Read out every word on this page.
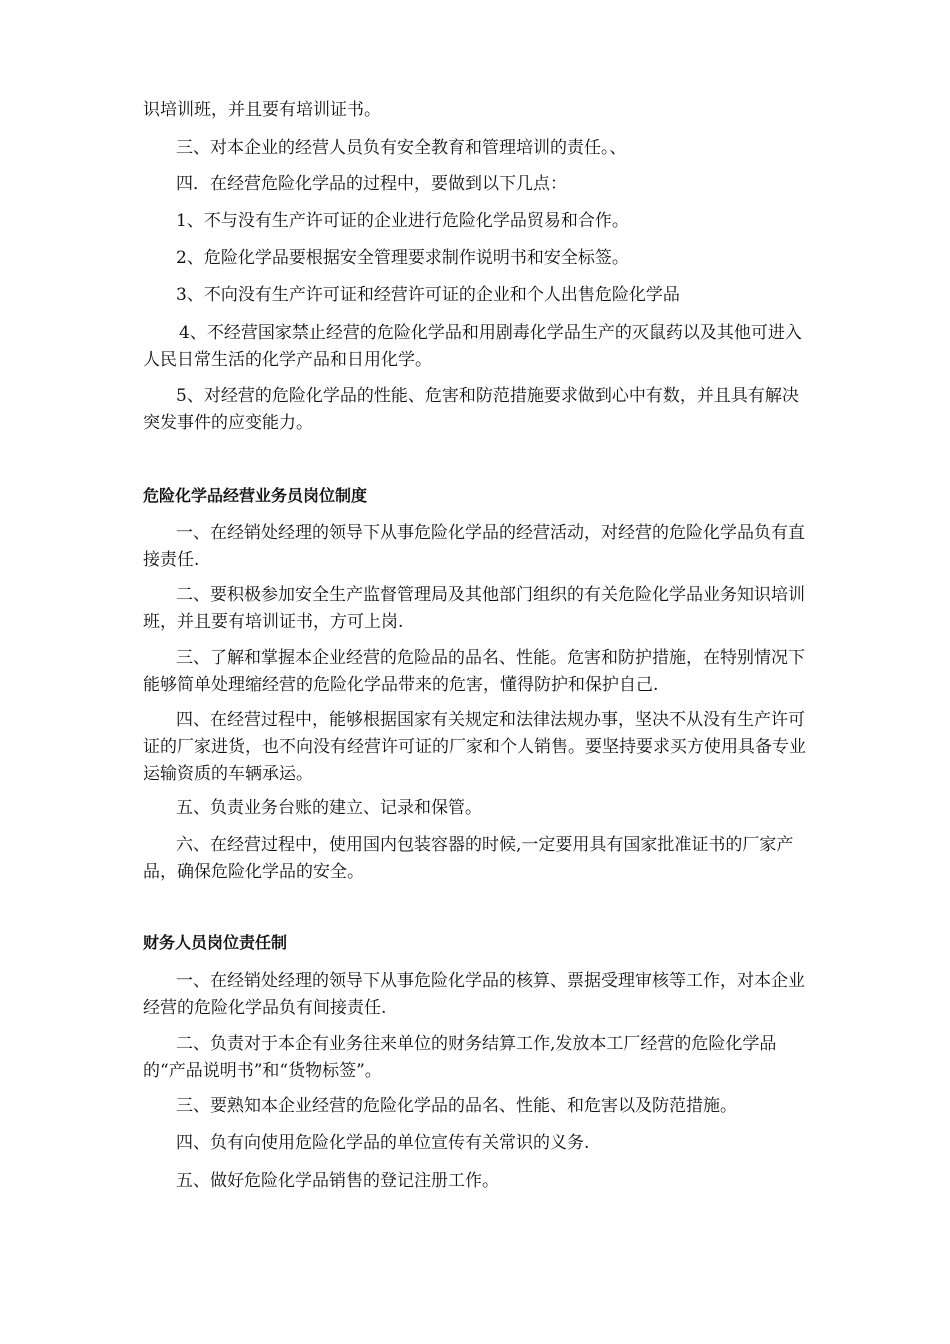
识培训班，并且要有培训证书。

三、对本企业的经营人员负有安全教育和管理培训的责任。、

四．在经营危险化学品的过程中，要做到以下几点：

1、不与没有生产许可证的企业进行危险化学品贸易和合作。

2、危险化学品要根据安全管理要求制作说明书和安全标签。

3、不向没有生产许可证和经营许可证的企业和个人出售危险化学品

4、不经营国家禁止经营的危险化学品和用剧毒化学品生产的灭鼠药以及其他可进入人民日常生活的化学产品和日用化学。

5、对经营的危险化学品的性能、危害和防范措施要求做到心中有数，并且具有解决突发事件的应变能力。

危险化学品经营业务员岗位制度

一、在经销处经理的领导下从事危险化学品的经营活动，对经营的危险化学品负有直接责任.

二、要积极参加安全生产监督管理局及其他部门组织的有关危险化学品业务知识培训班，并且要有培训证书，方可上岗.

三、了解和掌握本企业经营的危险品的品名、性能。危害和防护措施，在特别情况下能够简单处理缩经营的危险化学品带来的危害，懂得防护和保护自己.

四、在经营过程中，能够根据国家有关规定和法律法规办事，坚决不从没有生产许可证的厂家进货，也不向没有经营许可证的厂家和个人销售。要坚持要求买方使用具备专业运输资质的车辆承运。

五、负责业务台账的建立、记录和保管。

六、在经营过程中，使用国内包装容器的时候,一定要用具有国家批准证书的厂家产品，确保危险化学品的安全。

财务人员岗位责任制

一、在经销处经理的领导下从事危险化学品的核算、票据受理审核等工作，对本企业经营的危险化学品负有间接责任.

二、负责对于本企有业务往来单位的财务结算工作,发放本工厂经营的危险化学品的“产品说明书”和“货物标签”。

三、要熟知本企业经营的危险化学品的品名、性能、和危害以及防范措施。

四、负有向使用危险化学品的单位宣传有关常识的义务.

五、做好危险化学品销售的登记注册工作。
